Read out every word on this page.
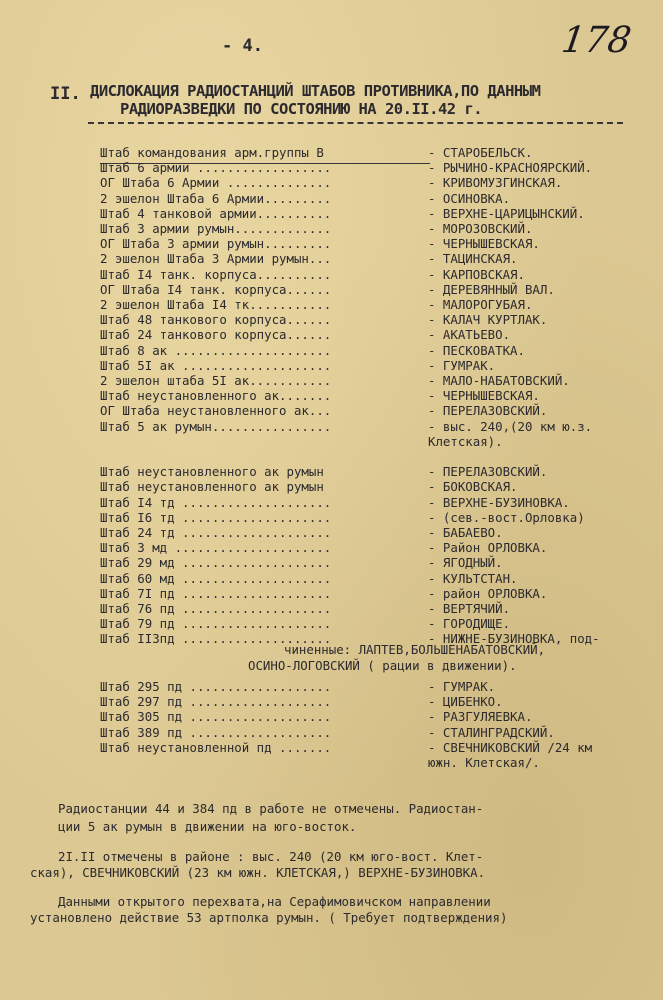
- 4.	178
II. ДИСЛОКАЦИЯ РАДИОСТАНЦИЙ ШТАБОВ ПРОТИВНИКА,ПО ДАННЫМ
РАДИОРАЗВЕДКИ ПО СОСТОЯНИЮ НА 20.II.42 г.
Штаб командования арм.группы В	- СТАРОБЕЛЬСК.
Штаб 6 армии ..................	- РЫЧИНО-КРАСНОЯРСКИЙ.
ОГ Штаба 6 Армии ..............	- КРИВОМУЗГИНСКАЯ.
2 эшелон Штаба 6 Армии.........	- ОСИНОВКА.
Штаб 4 танковой армии..........	- ВЕРХНЕ-ЦАРИЦЫНСКИЙ.
Штаб 3 армии румын.............	- МОРОЗОВСКИЙ.
ОГ Штаба 3 армии румын.........	- ЧЕРНЫШЕВСКАЯ.
2 эшелон Штаба 3 Армии румын...	- ТАЦИНСКАЯ.
Штаб I4 танк. корпуса..........	- КАРПОВСКАЯ.
ОГ Штаба I4 танк. корпуса......	- ДЕРЕВЯННЫЙ ВАЛ.
2 эшелон Штаба I4 тк...........	- МАЛОРОГУБАЯ.
Штаб 48 танкового корпуса......	- КАЛАЧ КУРТЛАК.
Штаб 24 танкового корпуса......	- АКАТЬЕВО.
Штаб 8 ак .....................	- ПЕСКОВАТКА.
Штаб 5I ак ....................	- ГУМРАК.
2 эшелон штаба 5I ак...........	- МАЛО-НАБАТОВСКИЙ.
Штаб неустановленного ак.......	- ЧЕРНЫШЕВСКАЯ.
ОГ Штаба неустановленного ак...	- ПЕРЕЛАЗОВСКИЙ.
Штаб 5 ак румын................	- выс. 240,(20 км ю.з.
Клетская).
Штаб неустановленного ак румын	- ПЕРЕЛАЗОВСКИЙ.
Штаб неустановленного ак румын	- БОКОВСКАЯ.
Штаб I4 тд ....................	- ВЕРХНЕ-БУЗИНОВКА.
Штаб I6 тд ....................	- (сев.-вост.Орловка)
Штаб 24 тд ....................	- БАБАЕВО.
Штаб 3 мд .....................	- Район ОРЛОВКА.
Штаб 29 мд ....................	- ЯГОДНЫЙ.
Штаб 60 мд ....................	- КУЛЬТСТАН.
Штаб 7I пд ....................	- район ОРЛОВКА.
Штаб 76 пд ....................	- ВЕРТЯЧИЙ.
Штаб 79 пд ....................	- ГОРОДИЩЕ.
Штаб II3пд ....................	- НИЖНЕ-БУЗИНОВКА, под-
чиненные: ЛАПТЕВ,БОЛЬШЕНАБАТОВСКИЙ,
ОСИНО-ЛОГОВСКИЙ ( рации в движении).
Штаб 295 пд ...................	- ГУМРАК.
Штаб 297 пд ...................	- ЦИБЕНКО.
Штаб 305 пд ...................	- РАЗГУЛЯЕВКА.
Штаб 389 пд ...................	- СТАЛИНГРАДСКИЙ.
Штаб неустановленной пд .......	- СВЕЧНИКОВСКИЙ /24 км
южн. Клетская/.
Радиостанции 44 и 384 пд в работе не отмечены. Радиостан-
ции 5 ак румын в движении на юго-восток.
2I.II отмечены в районе : выс. 240 (20 км юго-вост. Клет-
ская), СВЕЧНИКОВСКИЙ (23 км южн. КЛЕТСКАЯ,) ВЕРХНЕ-БУЗИНОВКА.
Данными открытого перехвата,на Серафимовичском направлении
установлено действие 53 артполка румын. ( Требует подтверждения)
